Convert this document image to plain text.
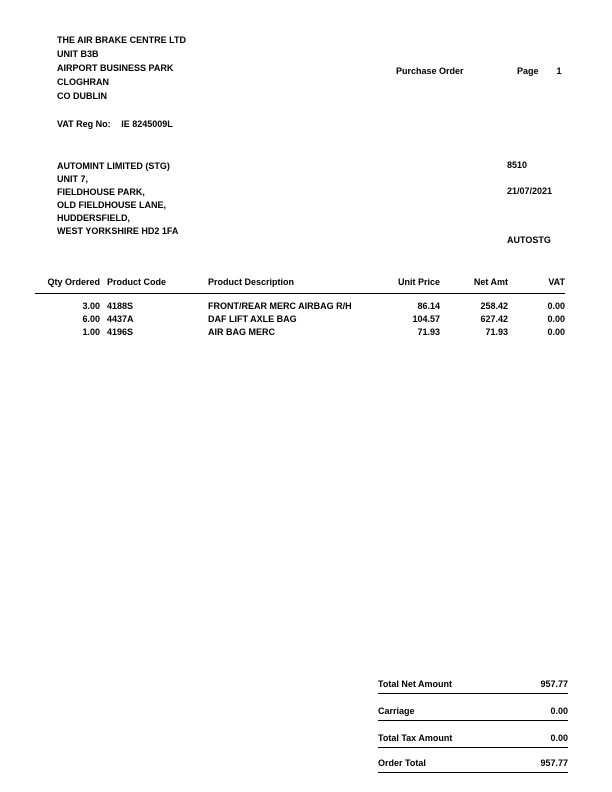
THE AIR BRAKE CENTRE LTD
UNIT B3B
AIRPORT BUSINESS PARK
CLOGHRAN
CO DUBLIN
VAT Reg No: IE 8245009L
Purchase Order	Page 1
AUTOMINT LIMITED (STG)
UNIT 7,
FIELDHOUSE PARK,
OLD FIELDHOUSE LANE,
HUDDERSFIELD,
WEST YORKSHIRE HD2 1FA
8510
21/07/2021
AUTOSTG
Qty Ordered	Product Code	Product Description	Unit Price	Net Amt	VAT
3.00	4188S	FRONT/REAR MERC AIRBAG R/H	86.14	258.42	0.00
6.00	4437A	DAF LIFT AXLE BAG	104.57	627.42	0.00
1.00	4196S	AIR BAG MERC	71.93	71.93	0.00
Total Net Amount	957.77
Carriage	0.00
Total Tax Amount	0.00
Order Total	957.77
